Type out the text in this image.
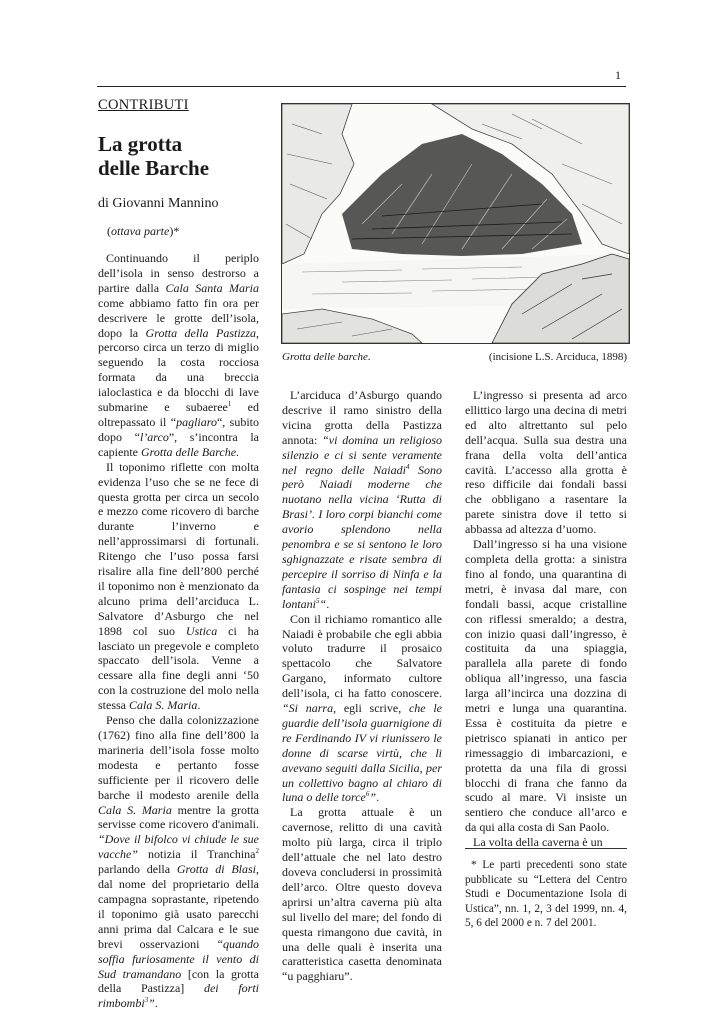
1
CONTRIBUTI
La grotta
delle Barche
di Giovanni Mannino
(ottava parte)*

Continuando il periplo dell’isola in senso destrorso a partire dalla Cala Santa Maria come abbiamo fatto fin ora per descrivere le grotte dell’isola, dopo la Grotta della Pastizza, percorso circa un terzo di miglio seguendo la costa rocciosa formata da una breccia ialoclastica e da blocchi di lave submarine e subaeree$^1$ ed oltrepassato il “pagliaro“, subito dopo “l’arco”, s’incontra la capiente Grotta delle Barche.

Il toponimo riflette con molta evidenza l’uso che se ne fece di questa grotta per circa un secolo e mezzo come ricovero di barche durante l’inverno e nell’approssimarsi di fortunali. Ritengo che l’uso possa farsi risalire alla fine dell’800 perché il toponimo non è menzionato da alcuno prima dell’arciduca L. Salvatore d’Asburgo che nel 1898 col suo Ustica ci ha lasciato un pregevole e completo spaccato dell’isola. Venne a cessare alla fine degli anni ‘50 con la costruzione del molo nella stessa Cala S. Maria.

Penso che dalla colonizzazione (1762) fino alla fine dell’800 la marineria dell’isola fosse molto modesta e pertanto fosse sufficiente per il ricovero delle barche il modesto arenile della Cala S. Maria mentre la grotta servisse come ricovero d'animali. “Dove il bifolco vi chiude le sue vacche” notizia il Tranchina$^2$ parlando della Grotta di Blasi, dal nome del proprietario della campagna soprastante, ripetendo il toponimo già usato parecchi anni prima dal Calcara e le sue brevi osservazioni “quando soffia furiosamente il vento di Sud tramandano [con la grotta della Pastizza] dei forti rimbombi$^3$”.

Grotta delle barche.	(incisione L.S. Arciduca, 1898)

L’arciduca d’Asburgo quando descrive il ramo sinistro della vicina grotta della Pastizza annota: “vi domina un religioso silenzio e ci si sente veramente nel regno delle Naiadi$^4$ Sono però Naiadi moderne che nuotano nella vicina ‘Rutta di Brasi’. I loro corpi bianchi come avorio splendono nella penombra e se si sentono le loro sghignazzate e risate sembra di percepire il sorriso di Ninfa e la fantasia ci sospinge nei tempi lontani$^5$“.

Con il richiamo romantico alle Naiadi è probabile che egli abbia voluto tradurre il prosaico spettacolo che Salvatore Gargano, informato cultore dell’isola, ci ha fatto conoscere. “Si narra, egli scrive, che le guardie dell’isola guarnigione di re Ferdinando IV vi riunissero le donne di scarse virtù, che li avevano seguiti dalla Sicilia, per un collettivo bagno al chiaro di luna o delle torce$^6$”.

La grotta attuale è un cavernose, relitto di una cavità molto più larga, circa il triplo dell’attuale che nel lato destro doveva concludersi in prossimità dell’arco. Oltre questo doveva aprirsi un’altra caverna più alta sul livello del mare; del fondo di questa rimangono due cavità, in una delle quali è inserita una caratteristica casetta denominata “u pagghiaru”.

L’ingresso si presenta ad arco ellittico largo una decina di metri ed alto altrettanto sul pelo dell’acqua. Sulla sua destra una frana della volta dell’antica cavità. L’accesso alla grotta è reso difficile dai fondali bassi che obbligano a rasentare la parete sinistra dove il tetto si abbassa ad altezza d’uomo.

Dall’ingresso si ha una visione completa della grotta: a sinistra fino al fondo, una quarantina di metri, è invasa dal mare, con fondali bassi, acque cristalline con riflessi smeraldo; a destra, con inizio quasi dall’ingresso, è costituita da una spiaggia, parallela alla parete di fondo obliqua all’ingresso, una fascia larga all’incirca una dozzina di metri e lunga una quarantina. Essa è costituita da pietre e pietrisco spianati in antico per rimessaggio di imbarcazioni, e protetta da una fila di grossi blocchi di frana che fanno da scudo al mare. Vi insiste un sentiero che conduce all’arco e da qui alla costa di San Paolo.

La volta della caverna è un

* Le parti precedenti sono state pubblicate su “Lettera del Centro Studi e Documentazione Isola di Ustica”, nn. 1, 2, 3 del 1999, nn. 4, 5, 6 del 2000 e n. 7 del 2001.
